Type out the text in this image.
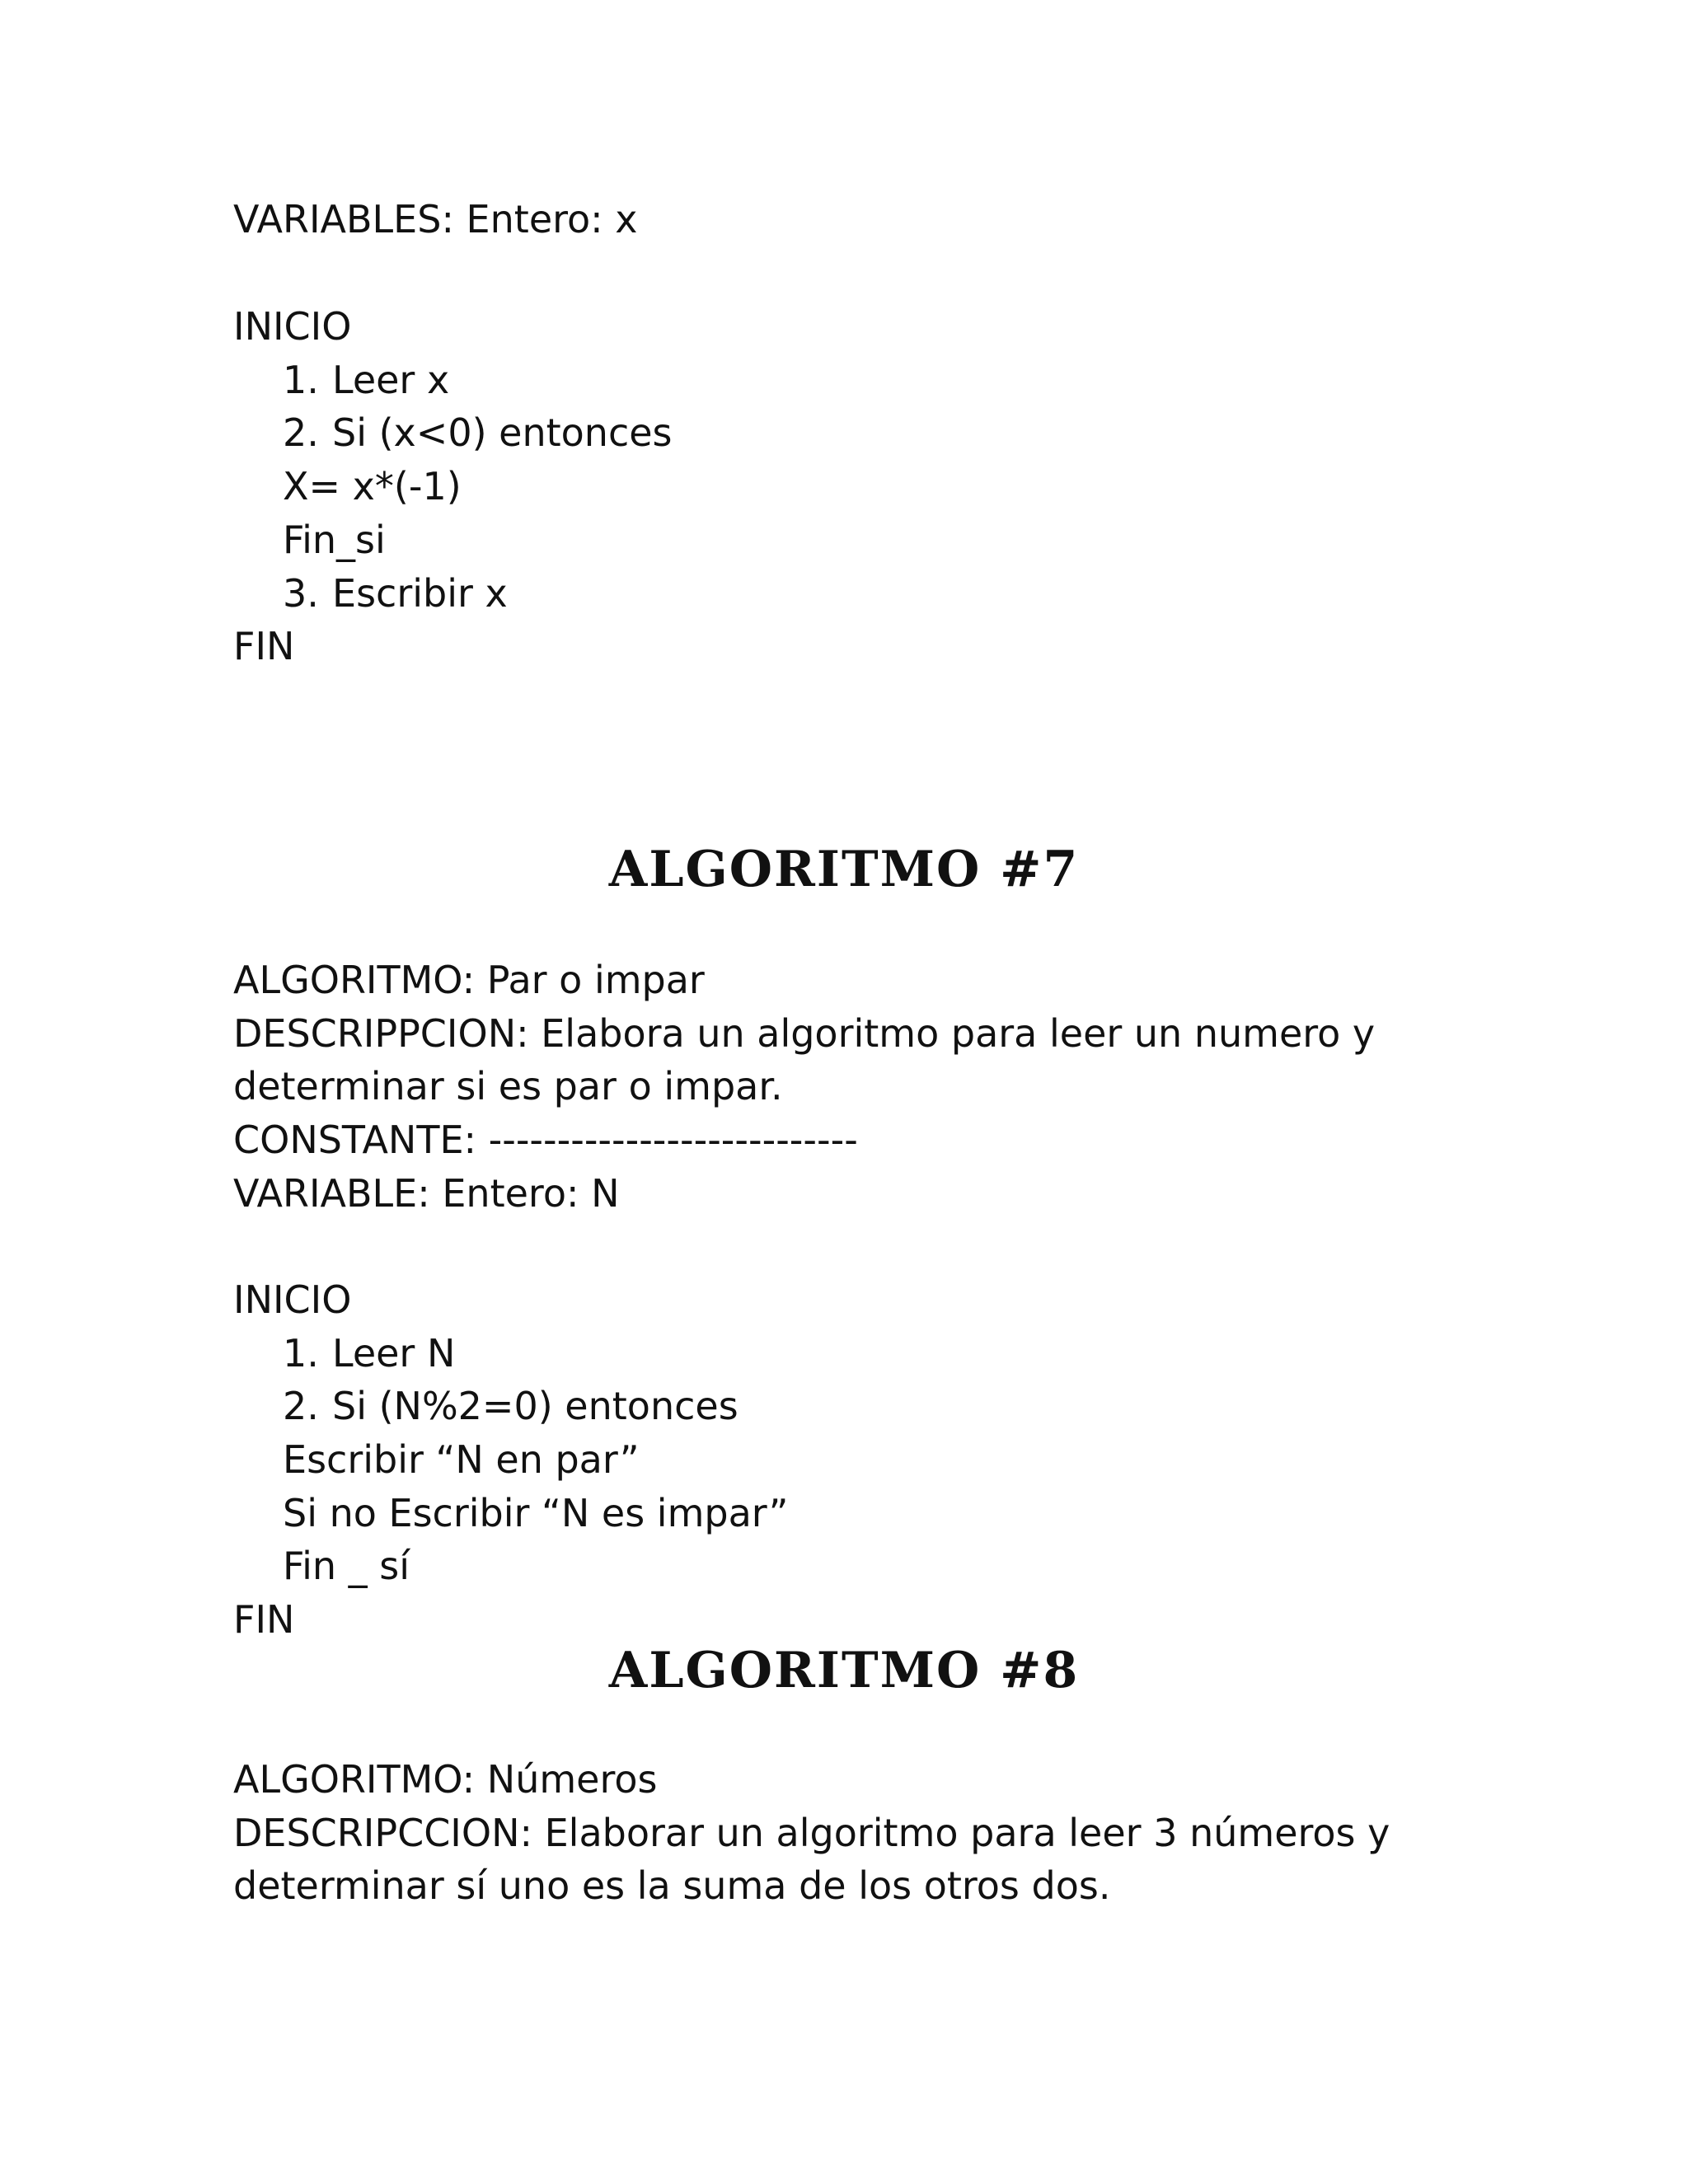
VARIABLES: Entero: x
INICIO
1. Leer x
2. Si (x<0) entonces
X= x*(-1)
Fin_si
3. Escribir x
FIN
ALGORITMO #7
ALGORITMO: Par o impar
DESCRIPPCION: Elabora un algoritmo para leer un numero y
determinar si es par o impar.
CONSTANTE: ---------------------------
VARIABLE: Entero: N
INICIO
1. Leer N
2. Si (N%2=0) entonces
Escribir “N en par”
Si no Escribir “N es impar”
Fin _ sí
FIN
ALGORITMO #8
ALGORITMO: Números
DESCRIPCCION: Elaborar un algoritmo para leer 3 números y
determinar sí uno es la suma de los otros dos.
